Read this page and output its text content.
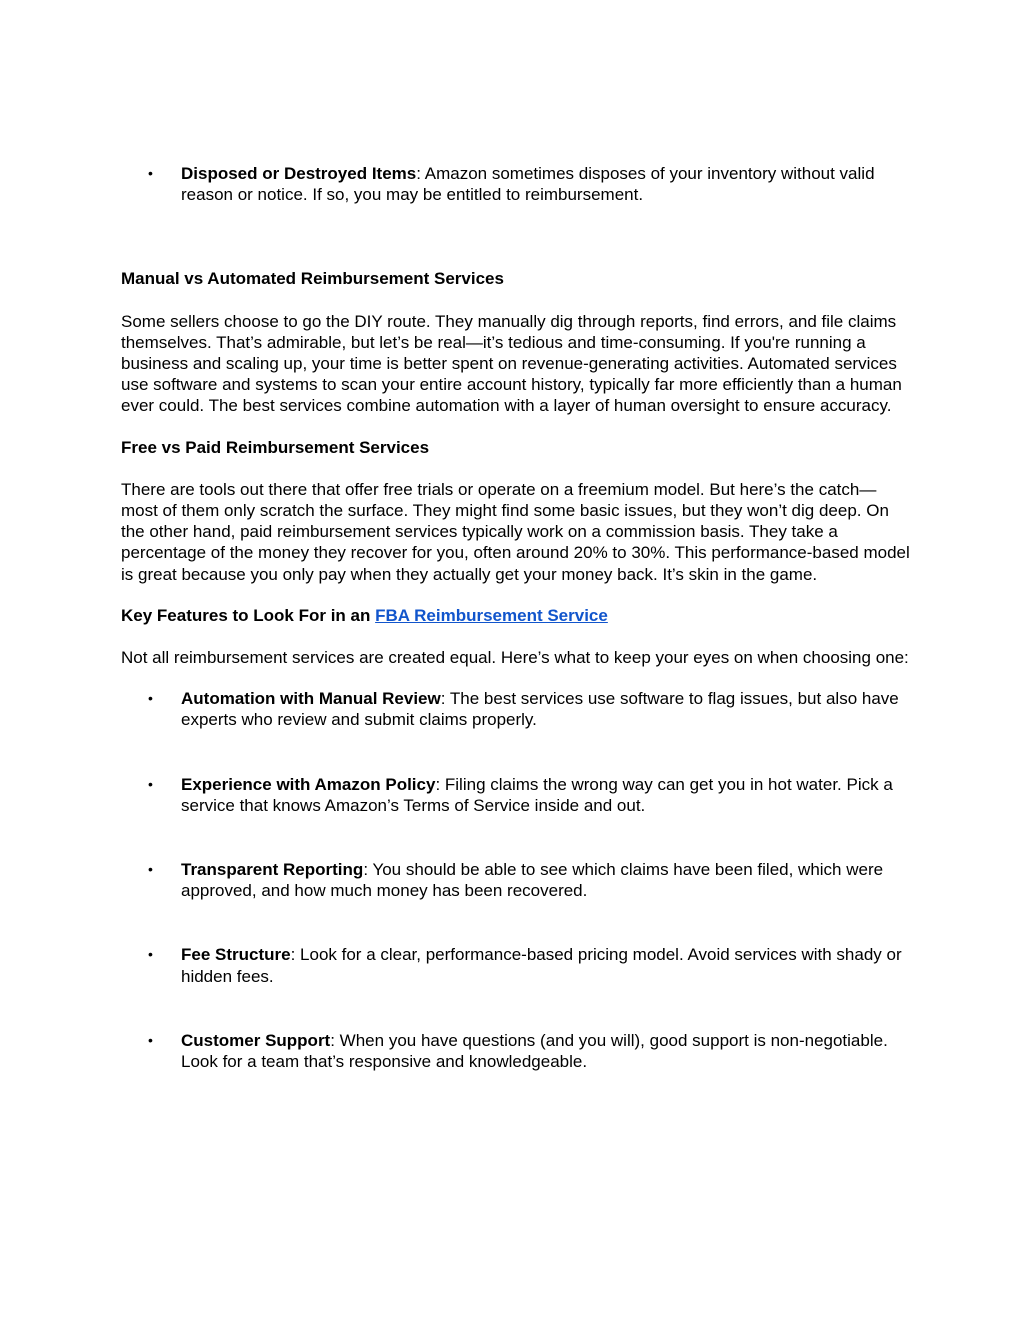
• Disposed or Destroyed Items: Amazon sometimes disposes of your inventory without valid reason or notice. If so, you may be entitled to reimbursement.
Manual vs Automated Reimbursement Services

Some sellers choose to go the DIY route. They manually dig through reports, find errors, and file claims themselves. That’s admirable, but let’s be real—it’s tedious and time-consuming. If you're running a business and scaling up, your time is better spent on revenue-generating activities. Automated services use software and systems to scan your entire account history, typically far more efficiently than a human ever could. The best services combine automation with a layer of human oversight to ensure accuracy.

Free vs Paid Reimbursement Services

There are tools out there that offer free trials or operate on a freemium model. But here’s the catch—most of them only scratch the surface. They might find some basic issues, but they won’t dig deep. On the other hand, paid reimbursement services typically work on a commission basis. They take a percentage of the money they recover for you, often around 20% to 30%. This performance-based model is great because you only pay when they actually get your money back. It’s skin in the game.

Key Features to Look For in an FBA Reimbursement Service

Not all reimbursement services are created equal. Here’s what to keep your eyes on when choosing one:

• Automation with Manual Review: The best services use software to flag issues, but also have experts who review and submit claims properly.
• Experience with Amazon Policy: Filing claims the wrong way can get you in hot water. Pick a service that knows Amazon’s Terms of Service inside and out.
• Transparent Reporting: You should be able to see which claims have been filed, which were approved, and how much money has been recovered.
• Fee Structure: Look for a clear, performance-based pricing model. Avoid services with shady or hidden fees.
• Customer Support: When you have questions (and you will), good support is non-negotiable. Look for a team that’s responsive and knowledgeable.
